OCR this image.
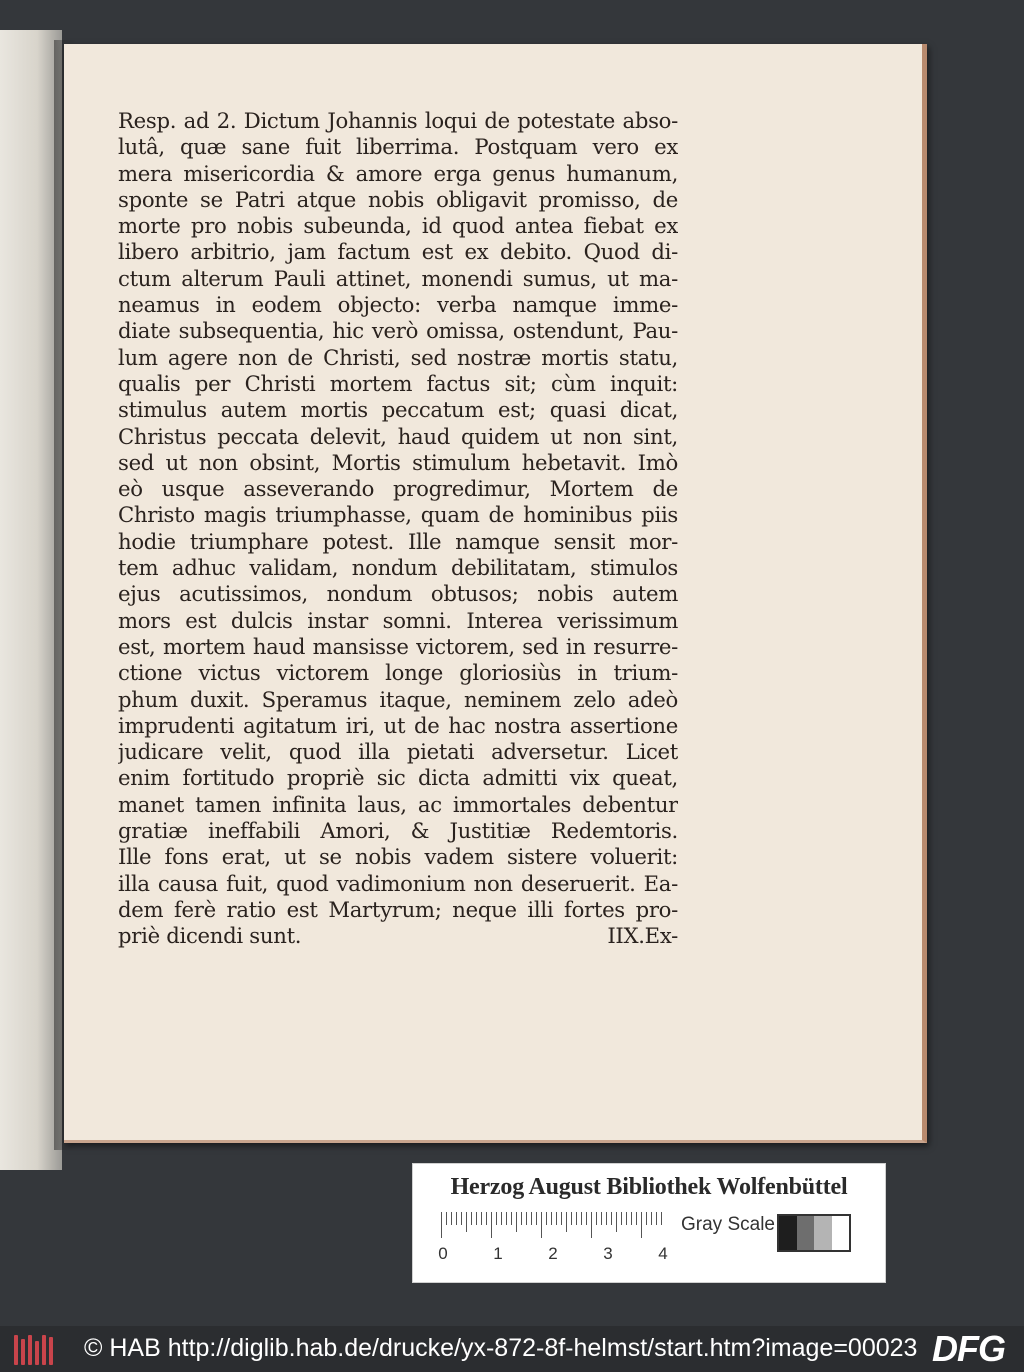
Resp. ad 2. Dictum Johannis loqui de potestate abso-
lutâ, quæ sane fuit liberrima. Postquam vero ex
mera misericordia & amore erga genus humanum,
sponte se Patri atque nobis obligavit promisso, de
morte pro nobis subeunda, id quod antea fiebat ex
libero arbitrio, jam factum est ex debito. Quod di-
ctum alterum Pauli attinet, monendi sumus, ut ma-
neamus in eodem objecto: verba namque imme-
diate subsequentia, hic verò omissa, ostendunt, Pau-
lum agere non de Christi, sed nostræ mortis statu,
qualis per Christi mortem factus sit; cùm inquit:
stimulus autem mortis peccatum est; quasi dicat,
Christus peccata delevit, haud quidem ut non sint,
sed ut non obsint, Mortis stimulum hebetavit. Imò
eò usque asseverando progredimur, Mortem de
Christo magis triumphasse, quam de hominibus piis
hodie triumphare potest. Ille namque sensit mor-
tem adhuc validam, nondum debilitatam, stimulos
ejus acutissimos, nondum obtusos; nobis autem
mors est dulcis instar somni. Interea verissimum
est, mortem haud mansisse victorem, sed in resurre-
ctione victus victorem longe gloriosiùs in trium-
phum duxit. Speramus itaque, neminem zelo adeò
imprudenti agitatum iri, ut de hac nostra assertione
judicare velit, quod illa pietati adversetur. Licet
enim fortitudo propriè sic dicta admitti vix queat,
manet tamen infinita laus, ac immortales debentur
gratiæ ineffabili Amori, & Justitiæ Redemtoris.
Ille fons erat, ut se nobis vadem sistere voluerit:
illa causa fuit, quod vadimonium non deseruerit. Ea-
dem ferè ratio est Martyrum; neque illi fortes pro-
priè dicendi sunt.	IIX.Ex-
Herzog August Bibliothek Wolfenbüttel
0	1	2	3	4
Gray Scale
© HAB http://diglib.hab.de/drucke/yx-872-8f-helmst/start.htm?image=00023 DFG
